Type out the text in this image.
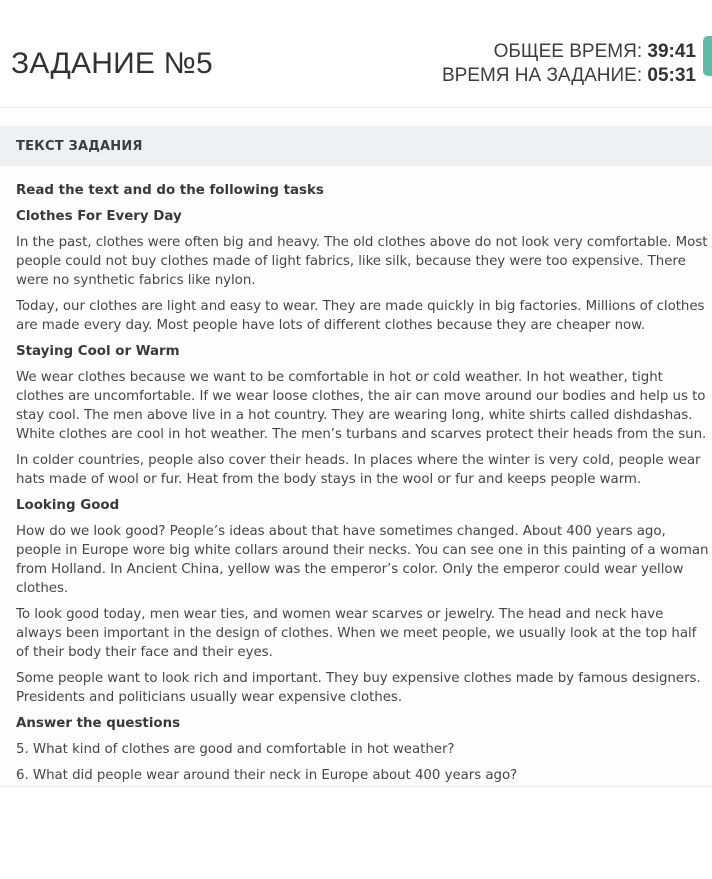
ЗАДАНИЕ №5	ОБЩЕЕ ВРЕМЯ: 39:41
ВРЕМЯ НА ЗАДАНИЕ: 05:31
ТЕКСТ ЗАДАНИЯ
Read the text and do the following tasks
Clothes For Every Day

In the past, clothes were often big and heavy. The old clothes above do not look very comfortable. Most people could not buy clothes made of light fabrics, like silk, because they were too expensive. There were no synthetic fabrics like nylon.

Today, our clothes are light and easy to wear. They are made quickly in big factories. Millions of clothes are made every day. Most people have lots of different clothes because they are cheaper now.

Staying Cool or Warm

We wear clothes because we want to be comfortable in hot or cold weather. In hot weather, tight clothes are uncomfortable. If we wear loose clothes, the air can move around our bodies and help us to stay cool. The men above live in a hot country. They are wearing long, white shirts called dishdashas. White clothes are cool in hot weather. The men’s turbans and scarves protect their heads from the sun.

In colder countries, people also cover their heads. In places where the winter is very cold, people wear hats made of wool or fur. Heat from the body stays in the wool or fur and keeps people warm.

Looking Good

How do we look good? People’s ideas about that have sometimes changed. About 400 years ago, people in Europe wore big white collars around their necks. You can see one in this painting of a woman from Holland. In Ancient China, yellow was the emperor’s color. Only the emperor could wear yellow clothes.

To look good today, men wear ties, and women wear scarves or jewelry. The head and neck have always been important in the design of clothes. When we meet people, we usually look at the top half of their body their face and their eyes.

Some people want to look rich and important. They buy expensive clothes made by famous designers. Presidents and politicians usually wear expensive clothes.

Answer the questions

5. What kind of clothes are good and comfortable in hot weather?

6. What did people wear around their neck in Europe about 400 years ago?
